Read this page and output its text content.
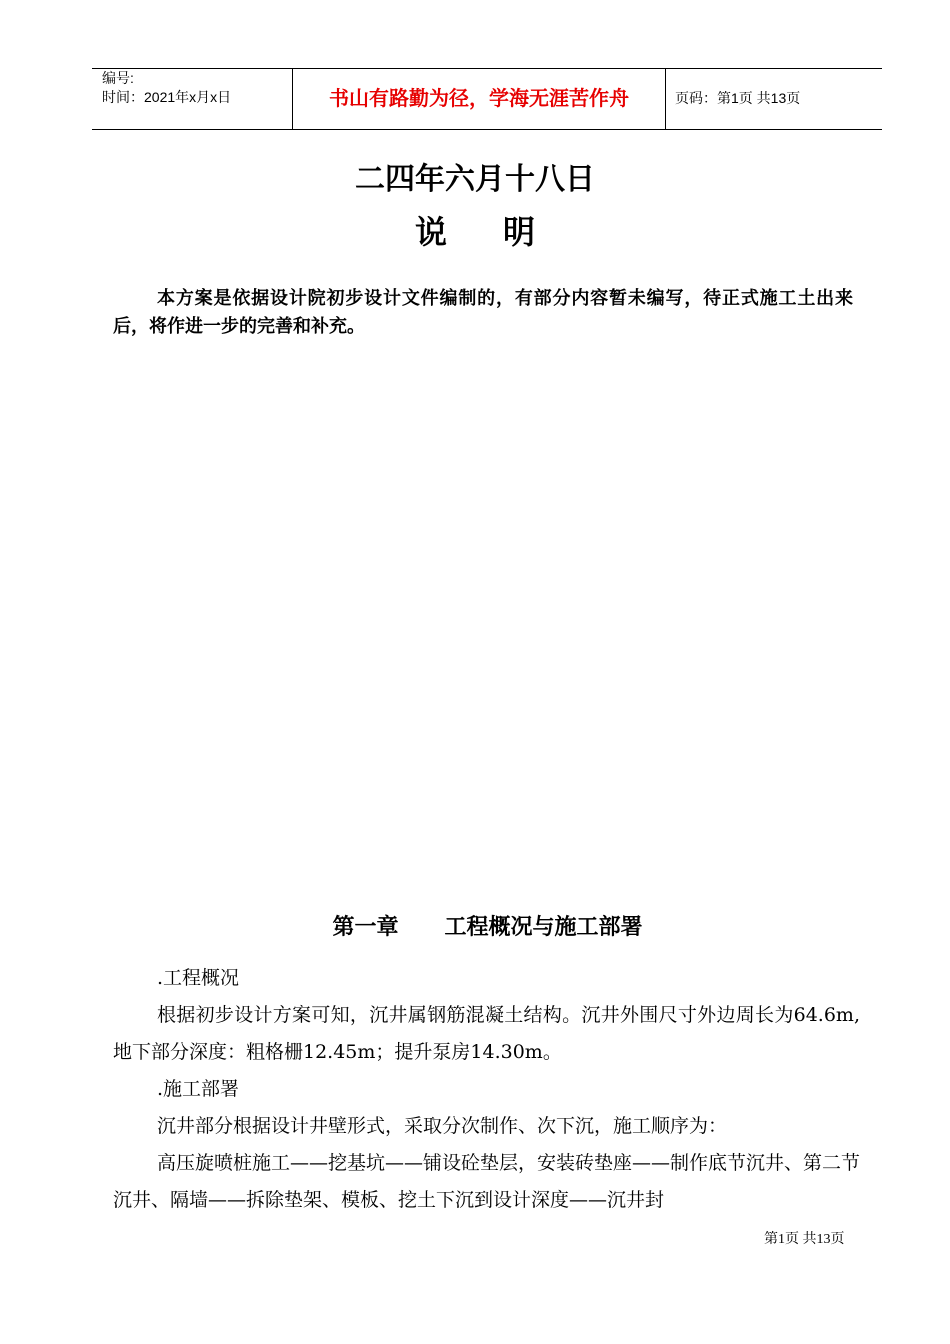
编号:
时间：2021年x月x日	书山有路勤为径，学海无涯苦作舟	页码：第1页 共13页
二四年六月十八日
说明
本方案是依据设计院初步设计文件编制的，有部分内容暂未编写，待正式施工土出来后，将作进一步的完善和补充。
第一章      工程概况与施工部署

.工程概况

根据初步设计方案可知，沉井属钢筋混凝土结构。沉井外围尺寸外边周长为64.6m,地下部分深度：粗格栅12.45m；提升泵房14.30m。

.施工部署

沉井部分根据设计井壁形式，采取分次制作、次下沉，施工顺序为：

高压旋喷桩施工——挖基坑——铺设砼垫层，安装砖垫座——制作底节沉井、第二节沉井、隔墙——拆除垫架、模板、挖土下沉到设计深度——沉井封

第1页 共13页
